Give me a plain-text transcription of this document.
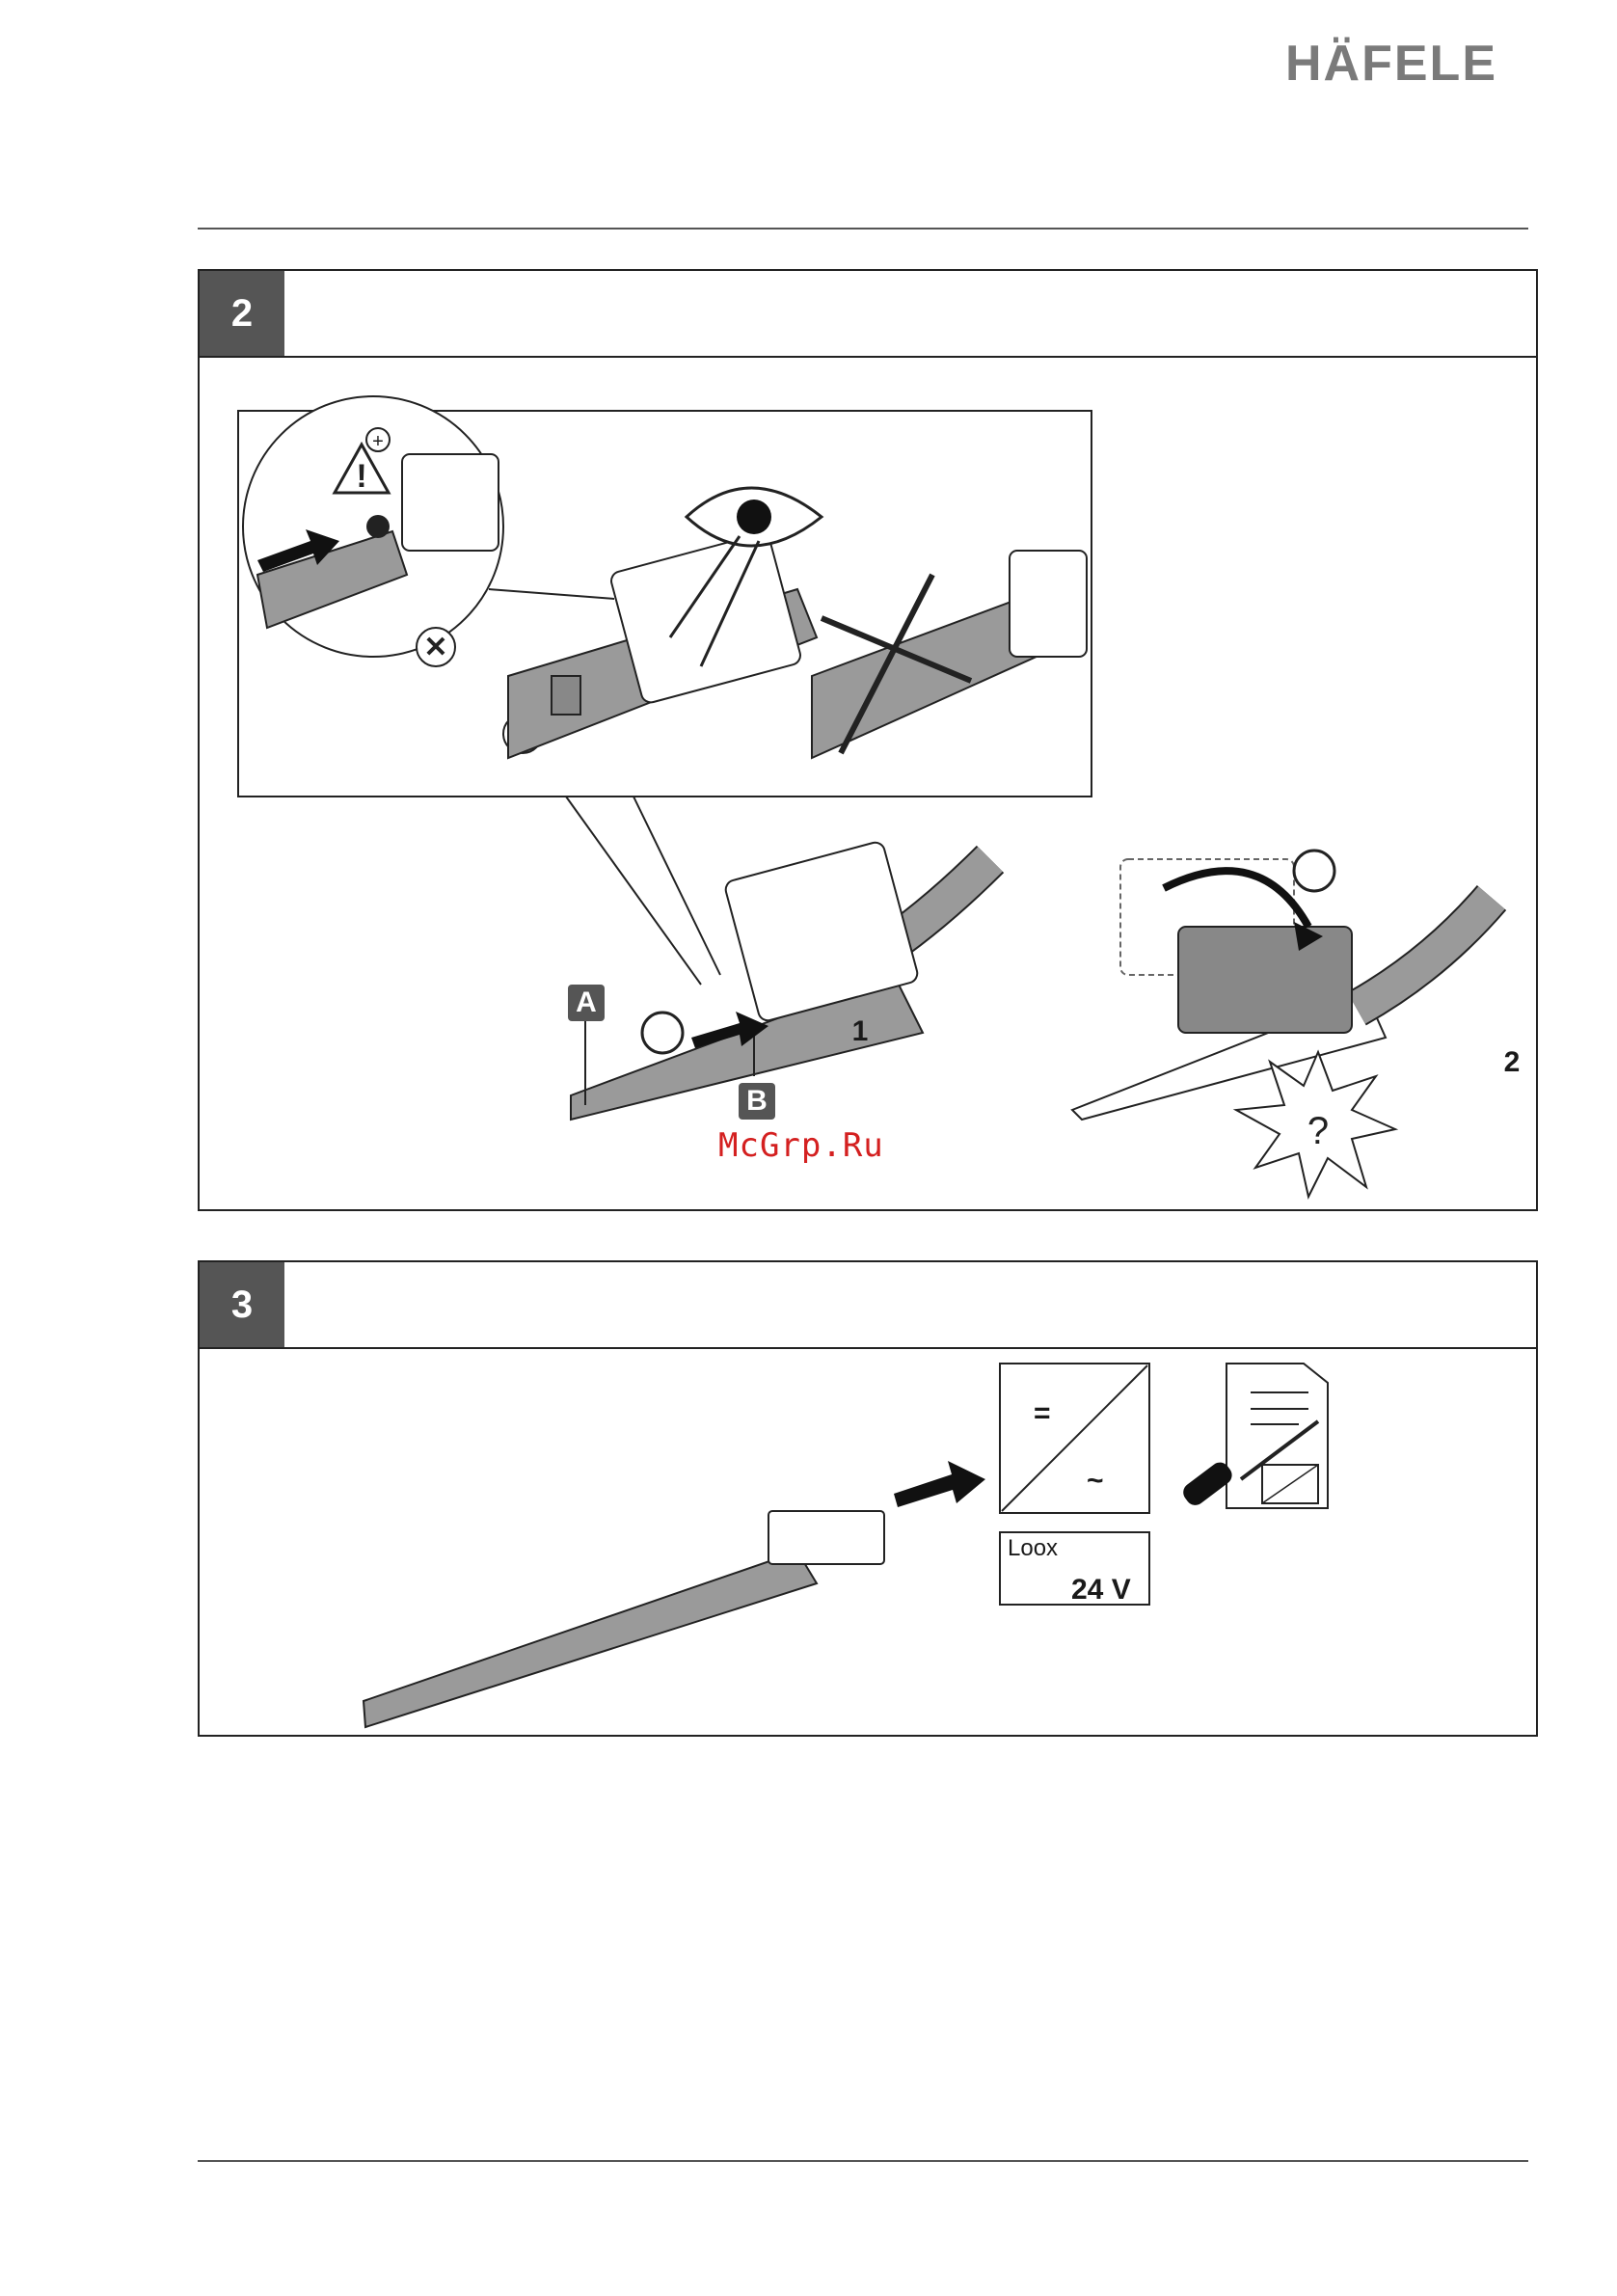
HÄFELE
2
!
+
✕
?
A
B
1
2
McGrp.Ru
3
=
~
Loox
24 V
